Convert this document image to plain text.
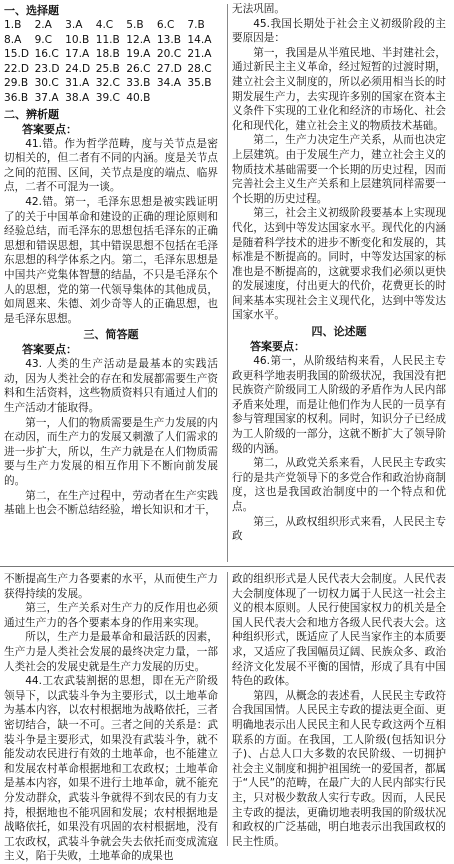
一、选择题

1.B	2.A	3.A	4.C	5.B	6.C	7.B
8.A	9.C	10.B 11.B 12.A 13.B 14.A
15.D 16.C 17.A 18.B 19.A 20.C 21.A
22.D 23.D 24.D 25.B 26.C 27.D 28.C
29.B 30.C 31.A 32.C 33.B 34.A 35.B
36.B 37.A 38.A 39.C 40.B

二、辨析题

答案要点：

41.错。作为哲学范畴，度与关节点是密切相关的，但二者有不同的内涵。度是关节点之间的范围、区间，关节点是度的端点、临界点，二者不可混为一谈。

42.错。第一，毛泽东思想是被实践证明了的关于中国革命和建设的正确的理论原则和经验总结，而毛泽东的思想包括毛泽东的正确思想和错误思想，其中错误思想不包括在毛泽东思想的科学体系之内。第二，毛泽东思想是中国共产党集体智慧的结晶，不只是毛泽东个人的思想，党的第一代领导集体的其他成员，如周恩来、朱德、刘少奇等人的正确思想，也是毛泽东思想。

三、简答题

答案要点：

43. 人类的生产活动是最基本的实践活动，因为人类社会的存在和发展都需要生产资料和生活资料，这些物质资料只有通过人们的生产活动才能取得。

第一，人们的物质需要是生产力发展的内在动因，而生产力的发展又刺激了人们需求的进一步扩大，所以，生产力就是在人们物质需要与生产力发展的相互作用下不断向前发展的。

第二，在生产过程中，劳动者在生产实践基础上也会不断总结经验，增长知识和才干，

无法巩固。

45.我国长期处于社会主义初级阶段的主要原因是：

第一，我国是从半殖民地、半封建社会，通过新民主主义革命，经过短暂的过渡时期，建立社会主义制度的，所以必须用相当长的时期发展生产力，去实现许多别的国家在资本主义条件下实现的工业化和经济的市场化、社会化和现代化，建立社会主义的物质技术基础。

第二，生产力决定生产关系，从而也决定上层建筑。由于发展生产力，建立社会主义的物质技术基础需要一个长期的历史过程，因而完善社会主义生产关系和上层建筑同样需要一个长期的历史过程。

第三，社会主义初级阶段要基本上实现现代化，达到中等发达国家水平。现代化的内涵是随着科学技术的进步不断变化和发展的，其标准是不断提高的。同时，中等发达国家的标准也是不断提高的，这就要求我们必须以更快的发展速度，付出更大的代价，花费更长的时间来基本实现社会主义现代化，达到中等发达国家水平。

四、论述题

答案要点：

46.第一，从阶级结构来看，人民民主专政更科学地表明我国的阶级状况，我国没有把民族资产阶级同工人阶级的矛盾作为人民内部矛盾来处理，而是让他们作为人民的一员享有参与管理国家的权利。同时，知识分子已经成为工人阶级的一部分，这就不断扩大了领导阶级的内涵。

第二，从政党关系来看，人民民主专政实行的是共产党领导下的多党合作和政治协商制度，这也是我国政治制度中的一个特点和优点。

第三，从政权组织形式来看，人民民主专政

不断提高生产力各要素的水平，从而使生产力获得持续的发展。

第三，生产关系对生产力的反作用也必须通过生产力的各个要素本身的作用来实现。

所以，生产力是最革命和最活跃的因素，生产力是人类社会发展的最终决定力量，一部人类社会的发展史就是生产力发展的历史。

44.工农武装割据的思想，即在无产阶级领导下，以武装斗争为主要形式，以土地革命为基本内容，以农村根据地为战略依托，三者密切结合，缺一不可。三者之间的关系是：武装斗争是主要形式，如果没有武装斗争，就不能发动农民进行有效的土地革命，也不能建立和发展农村革命根据地和工农政权；土地革命是基本内容，如果不进行土地革命，就不能充分发动群众，武装斗争就得不到农民的有力支持，根据地也不能巩固和发展；农村根据地是战略依托，如果没有巩固的农村根据地，没有工农政权，武装斗争就会失去依托而变成流寇主义，陷于失败，土地革命的成果也

政的组织形式是人民代表大会制度。人民代表大会制度体现了一切权力属于人民这一社会主义的根本原则。人民行使国家权力的机关是全国人民代表大会和地方各级人民代表大会。这种组织形式，既适应了人民当家作主的本质要求，又适应了我国幅员辽阔、民族众多、政治经济文化发展不平衡的国情，形成了具有中国特色的政体。

第四，从概念的表述看，人民民主专政符合我国国情。人民民主专政的提法更全面、更明确地表示出人民民主和人民专政这两个互相联系的方面。在我国，工人阶级(包括知识分子)、占总人口大多数的农民阶级、一切拥护社会主义制度和拥护祖国统一的爱国者，都属于“人民”的范畴，在最广大的人民内部实行民主，只对极少数敌人实行专政。因而，人民民主专政的提法，更确切地表明我国的阶级状况和政权的广泛基础，明白地表示出我国政权的民主性质。
